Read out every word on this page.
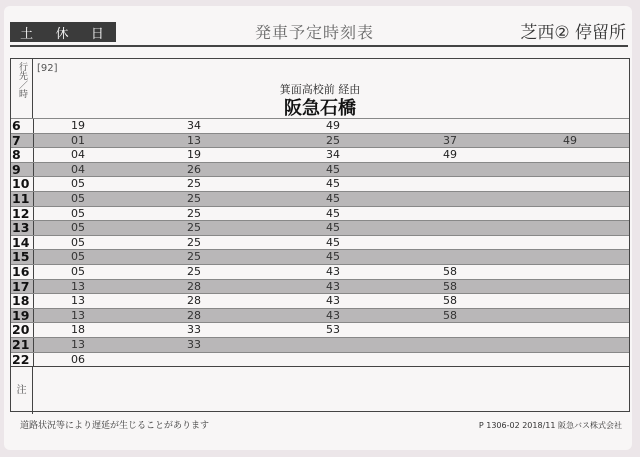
土 休 日	発車予定時刻表	芝西② 停留所
行先／時	[92]
箕面高校前 経由
阪急石橋
6	19	34	49
7	01	13	25	37	49
8	04	19	34	49
9	04	26	45
10	05	25	45
11	05	25	45
12	05	25	45
13	05	25	45
14	05	25	45
15	05	25	45
16	05	25	43	58
17	13	28	43	58
18	13	28	43	58
19	13	28	43	58
20	18	33	53
21	13	33
22	06
注
道路状況等により遅延が生じることがあります	P 1306-02 2018/11 阪急バス株式会社
